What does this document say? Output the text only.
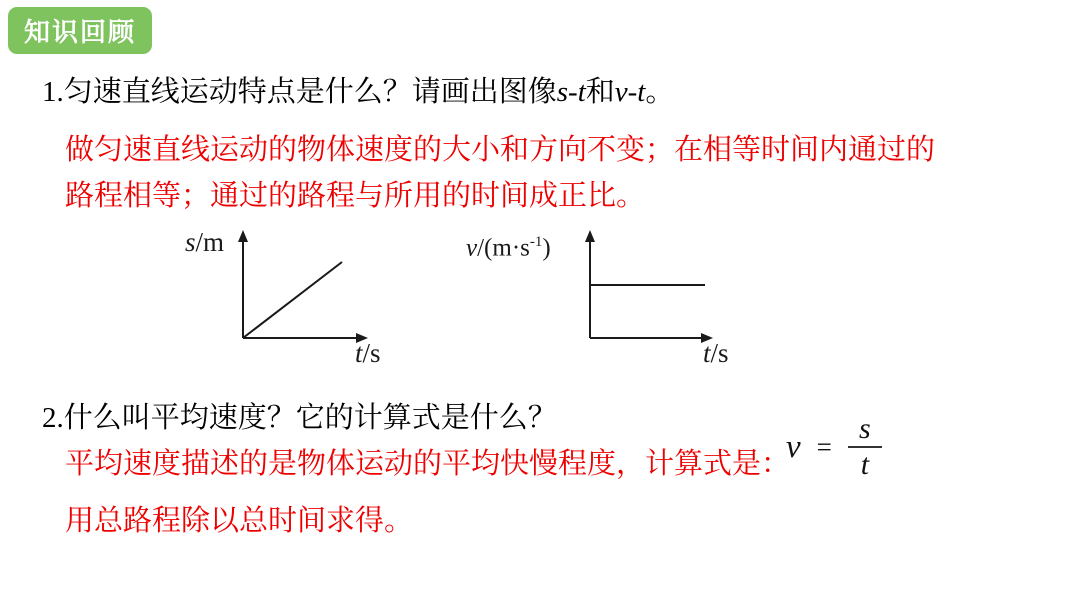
知识回顾
1.匀速直线运动特点是什么？请画出图像s-t和v-t。
做匀速直线运动的物体速度的大小和方向不变；在相等时间内通过的
路程相等；通过的路程与所用的时间成正比。
s/m
t/s
$v/(m\cdot s^{-1})$
t/s
2.什么叫平均速度？它的计算式是什么？
平均速度描述的是物体运动的平均快慢程度，计算式是：
$v = \frac{s}{t}$
用总路程除以总时间求得。
